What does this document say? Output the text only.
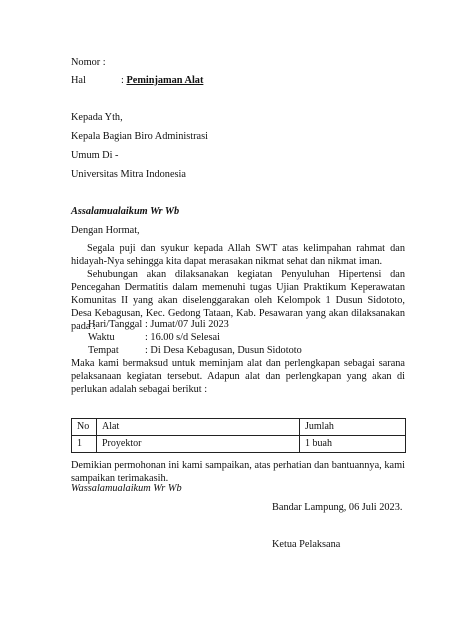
Nomor :
Hal	: Peminjaman Alat
Kepada Yth,
Kepala Bagian Biro Administrasi
Umum Di -
Universitas Mitra Indonesia
Assalamualaikum Wr Wb
Dengan Hormat,
Segala puji dan syukur kepada Allah SWT atas kelimpahan rahmat dan hidayah-Nya sehingga kita dapat merasakan nikmat sehat dan nikmat iman.
Sehubungan akan dilaksanakan kegiatan Penyuluhan Hipertensi dan Pencegahan Dermatitis dalam memenuhi tugas Ujian Praktikum Keperawatan Komunitas II yang akan diselenggarakan oleh Kelompok 1 Dusun Sidototo, Desa Kebagusan, Kec. Gedong Tataan, Kab. Pesawaran yang akan dilaksanakan pada :
Hari/Tanggal : Jumat/07 Juli 2023
Waktu	: 16.00 s/d Selesai
Tempat	: Di Desa Kebagusan, Dusun Sidototo
Maka kami bermaksud untuk meminjam alat dan perlengkapan sebagai sarana pelaksanaan kegiatan tersebut. Adapun alat dan perlengkapan yang akan di perlukan adalah sebagai berikut :
No	Alat	Jumlah
1	Proyektor	1 buah
Demikian permohonan ini kami sampaikan, atas perhatian dan bantuannya, kami sampaikan terimakasih.
Wassalamualaikum Wr Wb
Bandar Lampung, 06 Juli 2023.
Ketua Pelaksana
